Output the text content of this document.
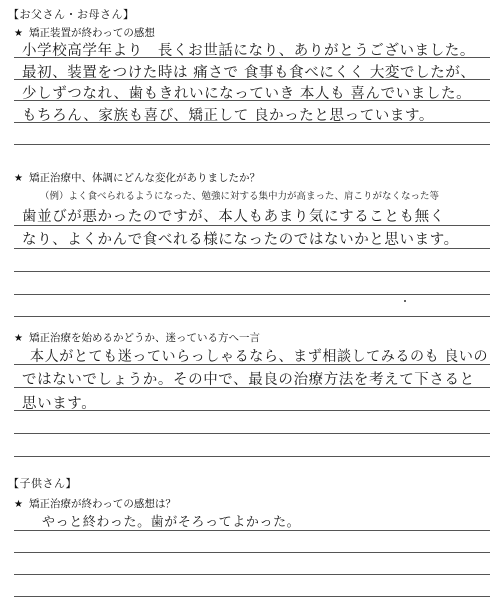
【お父さん・お母さん】
★ 矯正装置が終わっての感想
小学校高学年より　長くお世話になり、ありがとうございました。
最初、装置をつけた時は 痛さで 食事も食べにくく 大変でしたが、
少しずつなれ、歯もきれいになっていき 本人も 喜んでいました。
もちろん、家族も喜び、矯正して 良かったと思っています。
★ 矯正治療中、体調にどんな変化がありましたか？
（例）よく食べられるようになった、勉強に対する集中力が高まった、肩こりがなくなった等
歯並びが悪かったのですが、本人もあまり気にすることも無く
なり、よくかんで食べれる様になったのではないかと思います。
★ 矯正治療を始めるかどうか、迷っている方へ一言
本人がとても迷っていらっしゃるなら、まず相談してみるのも 良いの
ではないでしょうか。その中で、最良の治療方法を考えて下さると
思います。
【子供さん】
★ 矯正治療が終わっての感想は？
やっと終わった。歯がそろってよかった。
